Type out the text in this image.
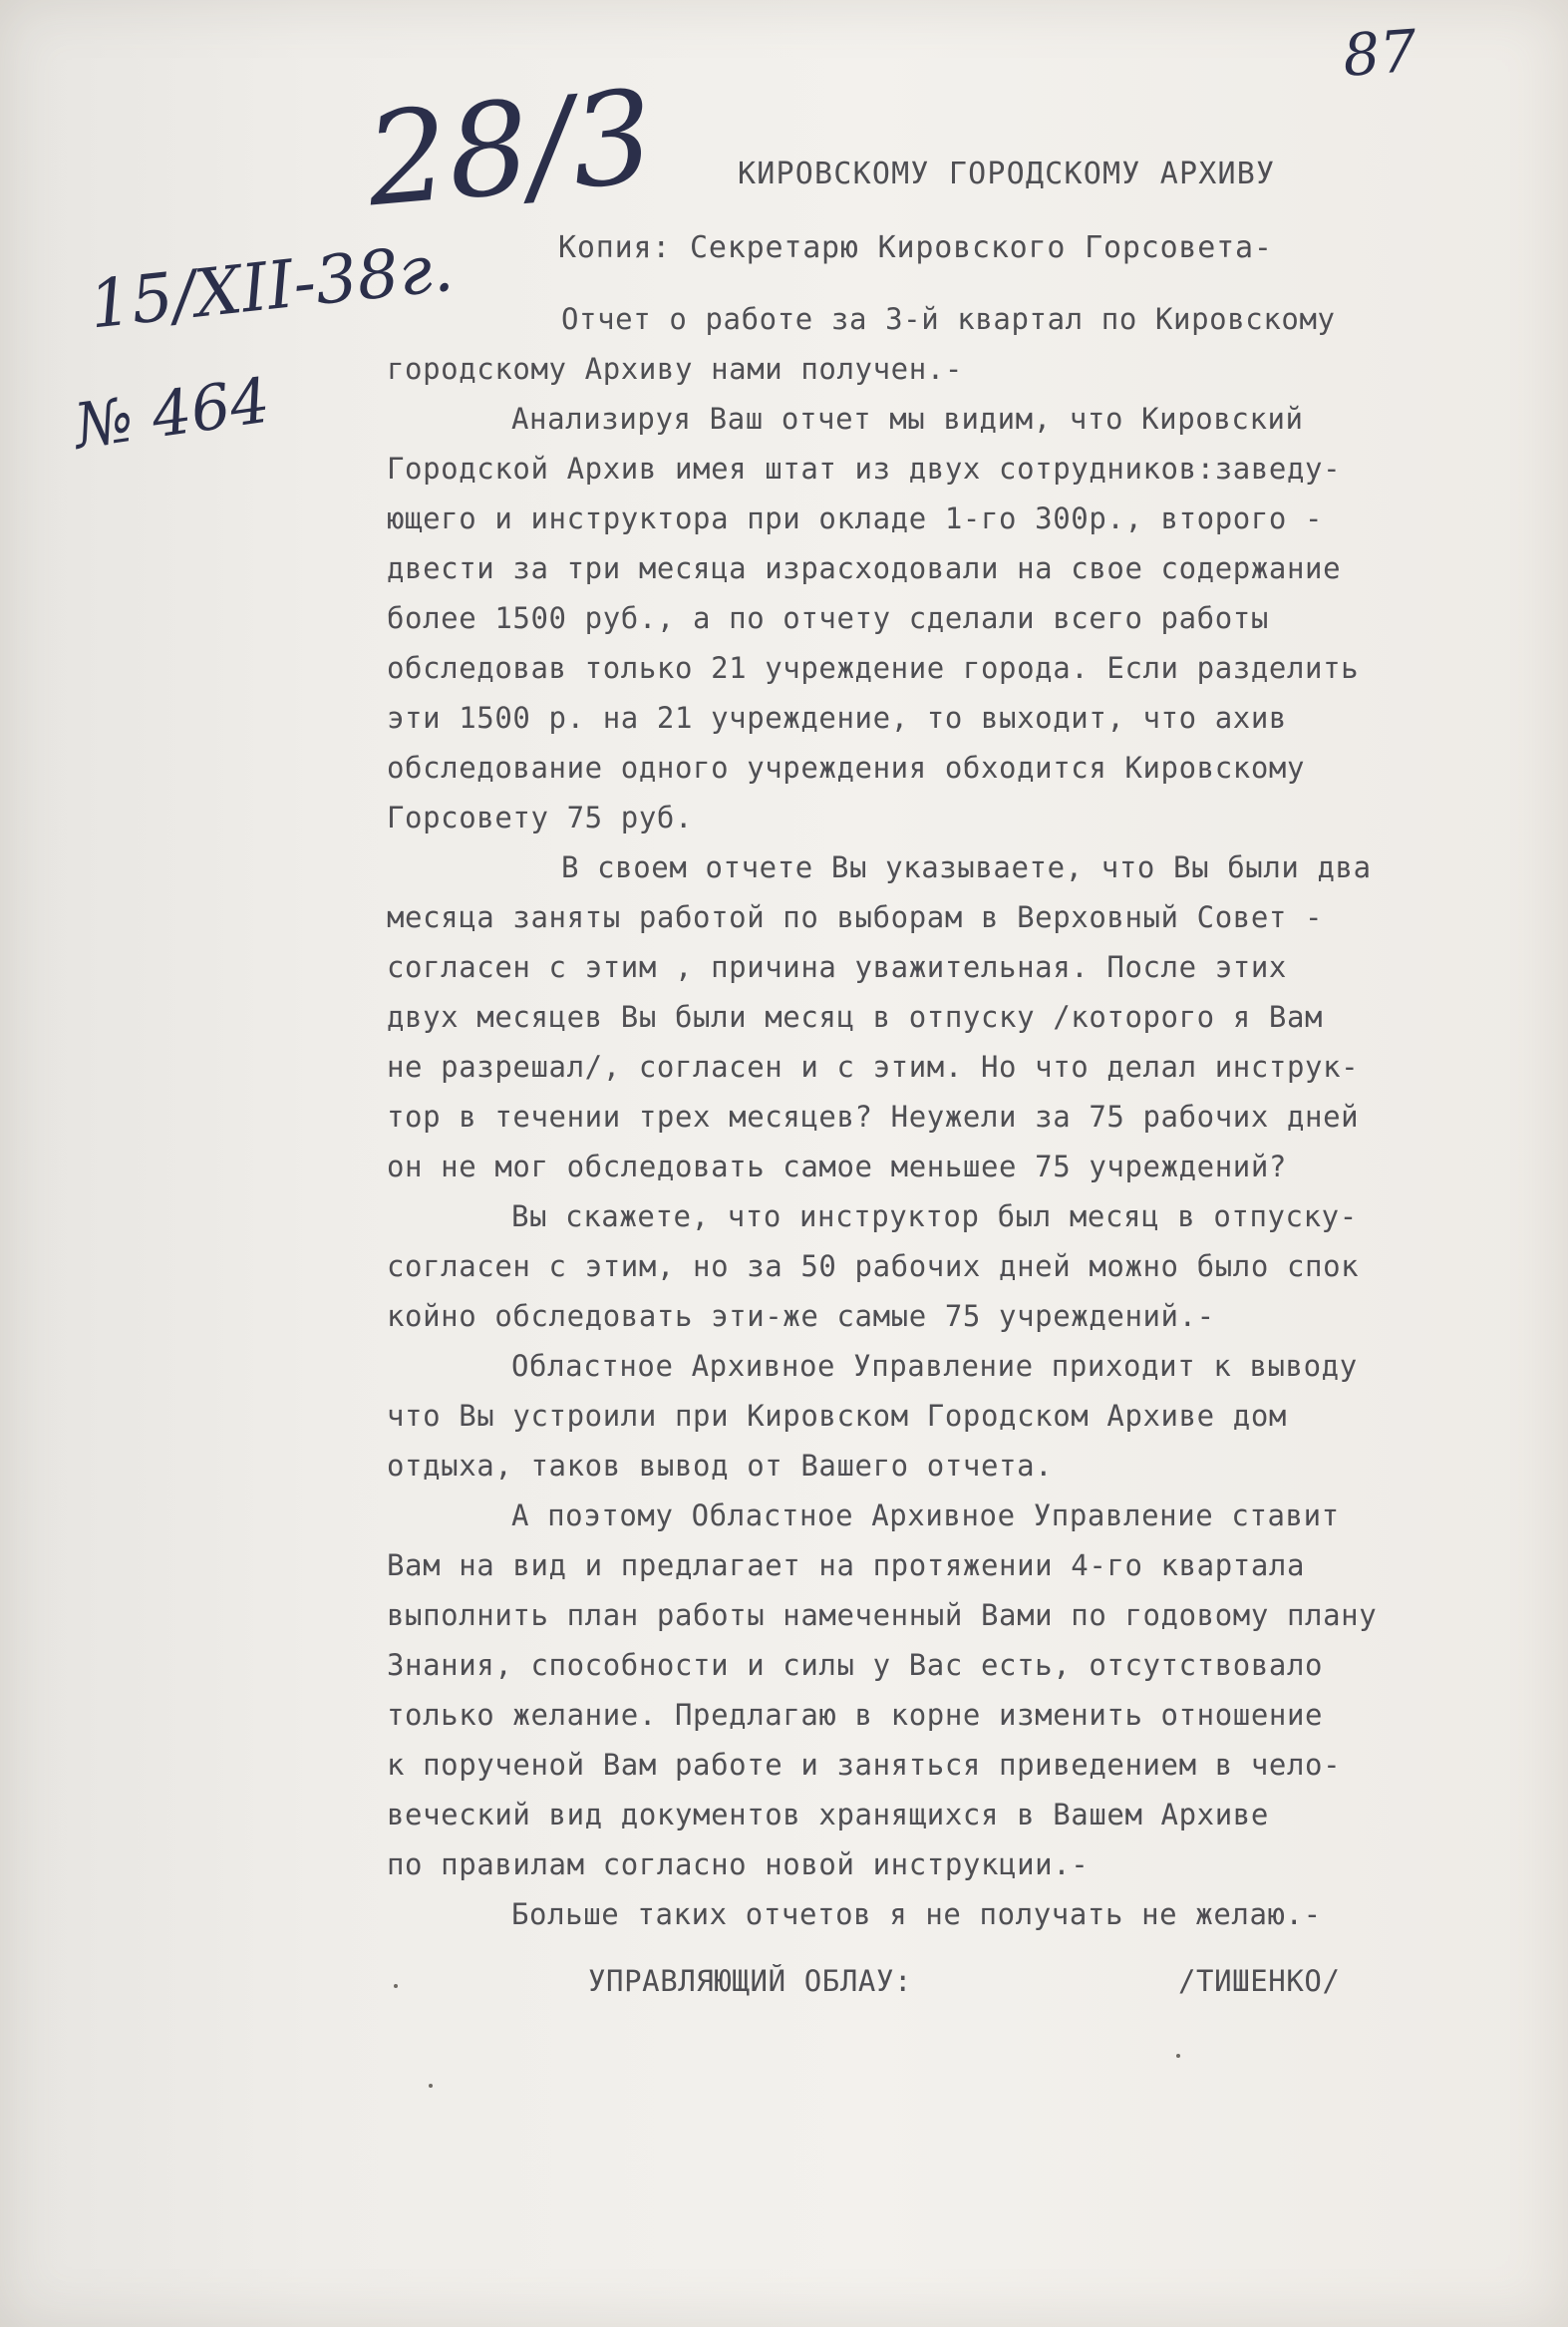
87
28/3
15/XII-38г.
№ 464
КИРОВСКОМУ ГОРОДСКОМУ АРХИВУ
Копия: Секретарю Кировского Горсовета-
Отчет о работе за 3-й квартал по Кировскому
городскому Архиву нами получен.-
Анализируя Ваш отчет мы видим, что Кировский
Городской Архив имея штат из двух сотрудников:заведу-
ющего и инструктора при окладе 1-го 300р., второго -
двести за три месяца израсходовали на свое содержание
более 1500 руб., а по отчету сделали всего работы
обследовав только 21 учреждение города. Если разделить
эти 1500 р. на 21 учреждение, то выходит, что ахив
обследование одного учреждения обходится Кировскому
Горсовету 75 руб.
В своем отчете Вы указываете, что Вы были два
месяца заняты работой по выборам в Верховный Совет -
согласен с этим , причина уважительная. После этих
двух месяцев Вы были месяц в отпуску /которого я Вам
не разрешал/, согласен и с этим. Но что делал инструк-
тор в течении трех месяцев? Неужели за 75 рабочих дней
он не мог обследовать самое меньшее 75 учреждений?
Вы скажете, что инструктор был месяц в отпуску-
согласен с этим, но за 50 рабочих дней можно было спок
койно обследовать эти-же самые 75 учреждений.-
Областное Архивное Управление приходит к выводу
что Вы устроили при Кировском Городском Архиве дом
отдыха, таков вывод от Вашего отчета.
А поэтому Областное Архивное Управление ставит
Вам на вид и предлагает на протяжении 4-го квартала
выполнить план работы намеченный Вами по годовому плану
Знания, способности и силы у Вас есть, отсутствовало
только желание. Предлагаю в корне изменить отношение
к порученой Вам работе и заняться приведением в чело-
веческий вид документов хранящихся в Вашем Архиве
по правилам согласно новой инструкции.-
Больше таких отчетов я не получать не желаю.-
УПРАВЛЯЮЩИЙ ОБЛАУ:	/ТИШЕНКО/
